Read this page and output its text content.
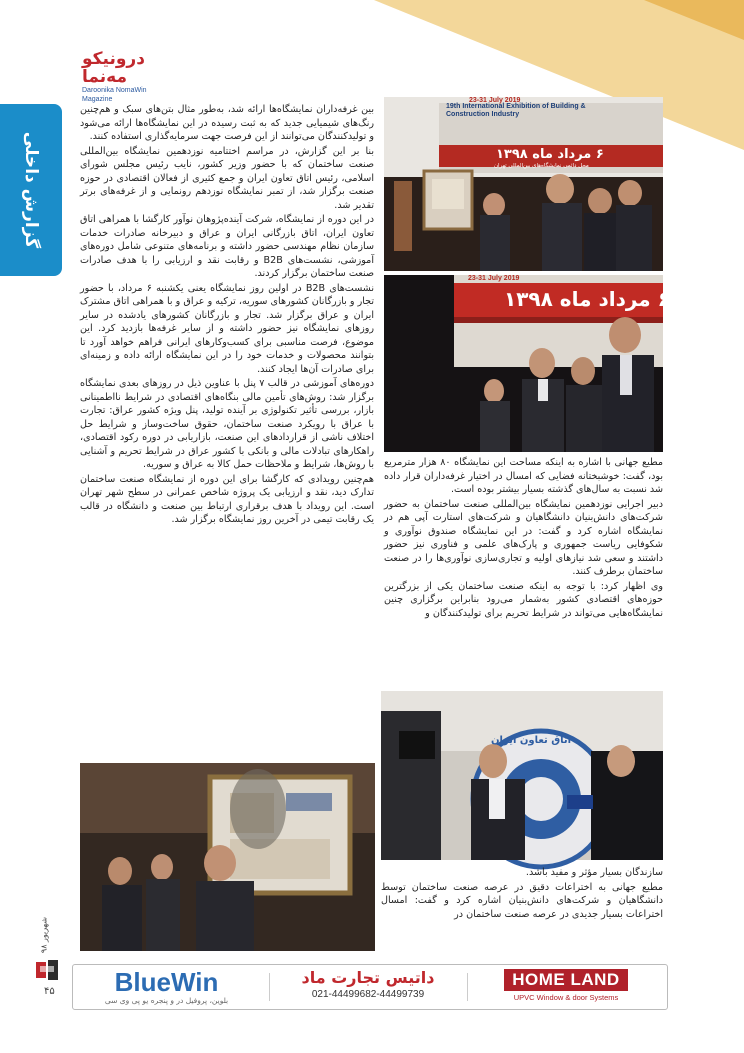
درونیکو مه‌نما
Daroonika NomaWin Magazine
گزارش داخلی
19th International Exhibition of Building & Construction Industry
23-31 July 2019
۶ مرداد ماه ۱۳۹۸
محل دائمی نمایشگاه‌های بین‌المللی تهران
۶ مرداد ماه ۱۳۹۸
23-31 July 2019
اتاق تعاون ایران

بین غرفه‌داران نمایشگاه‌ها ارائه شد، به‌طور مثال بتن‌های سبک و هم‌چنین رنگ‌های شیمیایی جدید که به ثبت رسیده در این نمایشگاه‌ها ارائه می‌شود و تولیدکنندگان می‌توانند از این فرصت جهت سرمایه‌گذاری استفاده کنند.

بنا بر این گزارش، در مراسم اختتامیه نوزدهمین نمایشگاه بین‌المللی صنعت ساختمان که با حضور وزیر کشور، نایب رئیس مجلس شورای اسلامی، رئیس اتاق تعاون ایران و جمع کثیری از فعالان اقتصادی در حوزه صنعت برگزار شد، از تمبر نمایشگاه نوزدهم رونمایی و از غرفه‌های برتر تقدیر شد.

در این دوره از نمایشگاه، شرکت آینده‌پژوهان نوآور کارگشا با همراهی اتاق تعاون ایران، اتاق بازرگانی ایران و عراق و دبیرخانه صادرات خدمات سازمان نظام مهندسی حضور داشته و برنامه‌های متنوعی شامل دوره‌های آموزشی، نشست‌های B2B و رقابت نقد و ارزیابی را با هدف صادرات صنعت ساختمان برگزار کردند.

نشست‌های B2B در اولین روز نمایشگاه یعنی یکشنبه ۶ مرداد، با حضور تجار و بازرگانان کشورهای سوریه، ترکیه و عراق و با همراهی اتاق مشترک ایران و عراق برگزار شد. تجار و بازرگانان کشورهای یادشده در سایر روزهای نمایشگاه نیز حضور داشته و از سایر غرفه‌ها بازدید کرد. این موضوع، فرصت مناسبی برای کسب‌وکارهای ایرانی فراهم خواهد آورد تا بتوانند محصولات و خدمات خود را در این نمایشگاه ارائه داده و زمینه‌ای برای صادرات آن‌ها ایجاد کنند.

دوره‌های آموزشی در قالب ۷ پنل با عناوین ذیل در روزهای بعدی نمایشگاه برگزار شد: روش‌های تأمین مالی بنگاه‌های اقتصادی در شرایط نااطمینانی بازار، بررسی تأثیر تکنولوژی بر آینده تولید، پنل ویژه کشور عراق: تجارت با عراق با رویکرد صنعت ساختمان، حقوق ساخت‌وساز و شرایط حل اختلاف ناشی از قراردادهای این صنعت، بازاریابی در دوره رکود اقتصادی، راهکارهای تبادلات مالی و بانکی با کشور عراق در شرایط تحریم و آشنایی با روش‌ها، شرایط و ملاحظات حمل کالا به عراق و سوریه.

هم‌چنین رویدادی که کارگشا برای این دوره از نمایشگاه صنعت ساختمان تدارک دید، نقد و ارزیابی یک پروژه شاخص عمرانی در سطح شهر تهران است. این رویداد با هدف برقراری ارتباط بین صنعت و دانشگاه در قالب یک رقابت تیمی در آخرین روز نمایشگاه برگزار شد.

مطیع جهانی با اشاره به اینکه مساحت این نمایشگاه ۸۰ هزار مترمربع بود، گفت: خوشبختانه فضایی که امسال در اختیار غرفه‌داران قرار داده شد نسبت به سال‌های گذشته بسیار بیشتر بوده است.

دبیر اجرایی نوزدهمین نمایشگاه بین‌المللی صنعت ساختمان به حضور شرکت‌های دانش‌بنیان دانشگاهیان و شرکت‌های استارت آپی هم در نمایشگاه اشاره کرد و گفت: در این نمایشگاه صندوق نوآوری و شکوفایی ریاست جمهوری و پارک‌های علمی و فناوری نیز حضور داشتند و سعی شد نیازهای اولیه و تجاری‌سازی نوآوری‌ها را در صنعت ساختمان برطرف کنند.

وی اظهار کرد: با توجه به اینکه صنعت ساختمان یکی از بزرگترین حوزه‌های اقتصادی کشور به‌شمار می‌رود بنابراین برگزاری چنین نمایشگاه‌هایی می‌تواند در شرایط تحریم برای تولیدکنندگان و

سازندگان بسیار مؤثر و مفید باشد.

مطیع جهانی به اختراعات دقیق در عرصه صنعت ساختمان توسط دانشگاهیان و شرکت‌های دانش‌بنیان اشاره کرد و گفت: امسال اختراعات بسیار جدیدی در عرصه صنعت ساختمان در

شهریور ۹۸
۴۵	BlueWin
بلوین، پروفیل در و پنجره یو پی وی سی
داتیس تجارت ماد
021-44499682-44499739
HOME LAND
UPVC Window & door Systems
